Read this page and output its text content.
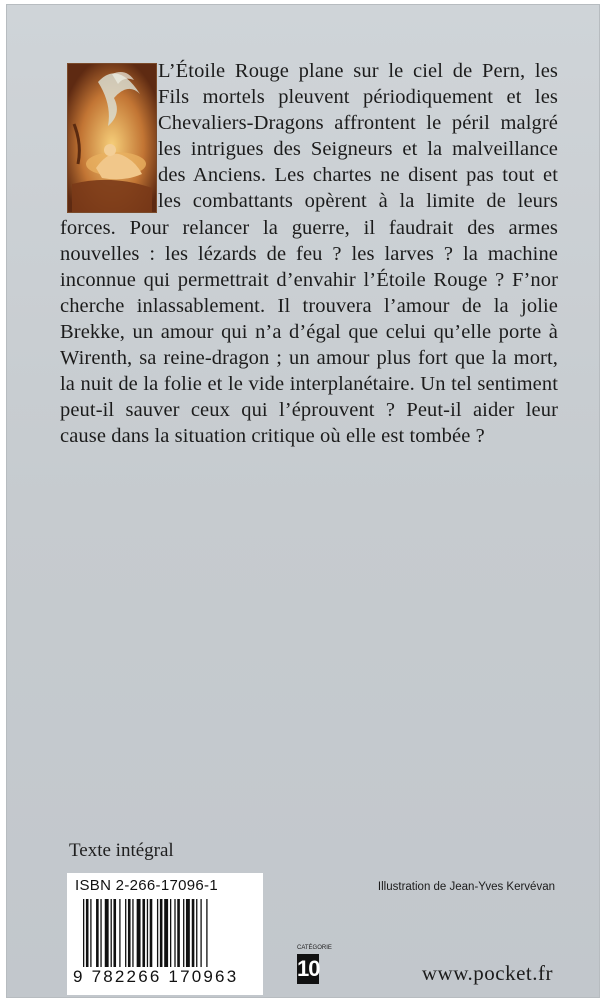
Texte intégral
ISBN 2-266-17096-1
9 782266 170963
Illustration de Jean-Yves Kervévan
CATÉGORIE
10	www.pocket.fr
L’Étoile Rouge plane sur le ciel de Pern, les Fils mortels pleuvent périodiquement et les Chevaliers-Dragons affrontent le péril malgré les intrigues des Seigneurs et la malveillance des Anciens. Les chartes ne disent pas tout et les combattants opèrent à la limite de leurs forces. Pour relancer la guerre, il faudrait des armes nouvelles : les lézards de feu ? les larves ? la machine inconnue qui permettrait d’envahir l’Étoile Rouge ? F’nor cherche inlassablement. Il trouvera l’amour de la jolie Brekke, un amour qui n’a d’égal que celui qu’elle porte à Wirenth, sa reine-dragon ; un amour plus fort que la mort, la nuit de la folie et le vide interplanétaire. Un tel sentiment peut-il sauver ceux qui l’éprouvent ? Peut-il aider leur cause dans la situation critique où elle est tombée ?
